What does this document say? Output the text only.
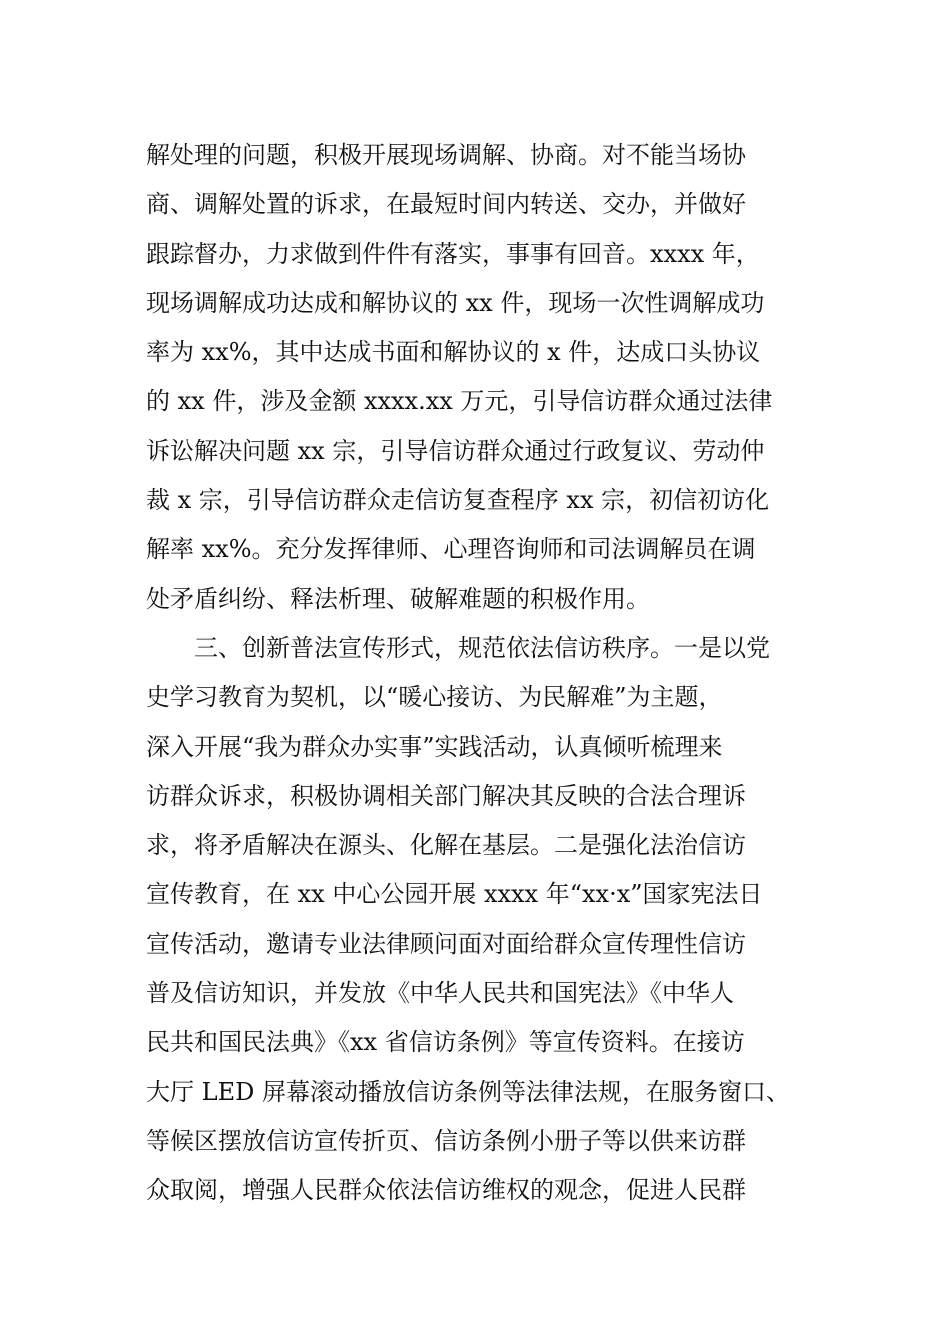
解处理的问题，积极开展现场调解、协商。对不能当场协
商、调解处置的诉求，在最短时间内转送、交办，并做好
跟踪督办，力求做到件件有落实，事事有回音。xxxx 年，
现场调解成功达成和解协议的 xx 件，现场一次性调解成功
率为 xx%，其中达成书面和解协议的 x 件，达成口头协议
的 xx 件，涉及金额 xxxx.xx 万元，引导信访群众通过法律
诉讼解决问题 xx 宗，引导信访群众通过行政复议、劳动仲
裁 x 宗，引导信访群众走信访复查程序 xx 宗，初信初访化
解率 xx%。充分发挥律师、心理咨询师和司法调解员在调
处矛盾纠纷、释法析理、破解难题的积极作用。
三、创新普法宣传形式，规范依法信访秩序。一是以党
史学习教育为契机，以“暖心接访、为民解难”为主题，
深入开展“我为群众办实事”实践活动，认真倾听梳理来
访群众诉求，积极协调相关部门解决其反映的合法合理诉
求，将矛盾解决在源头、化解在基层。二是强化法治信访
宣传教育，在 xx 中心公园开展 xxxx 年“xx·x”国家宪法日
宣传活动，邀请专业法律顾问面对面给群众宣传理性信访
普及信访知识，并发放《中华人民共和国宪法》《中华人
民共和国民法典》《xx 省信访条例》等宣传资料。在接访
大厅 LED 屏幕滚动播放信访条例等法律法规，在服务窗口、
等候区摆放信访宣传折页、信访条例小册子等以供来访群
众取阅，增强人民群众依法信访维权的观念，促进人民群
